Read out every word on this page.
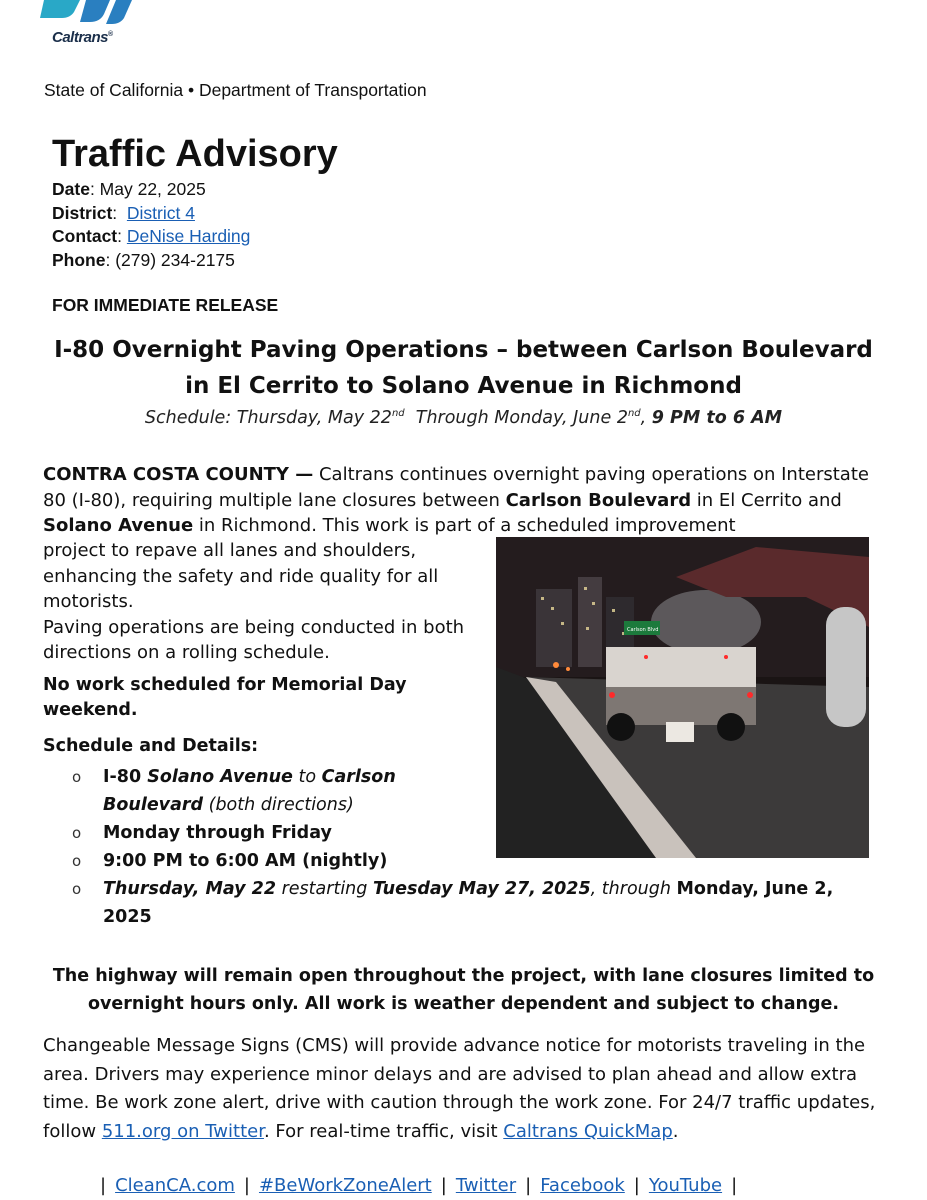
Caltrans®
State of California • Department of Transportation
Traffic Advisory
Date: May 22, 2025
District:  District 4
Contact: DeNise Harding
Phone: (279) 234-2175
FOR IMMEDIATE RELEASE
I-80 Overnight Paving Operations – between Carlson Boulevard
in El Cerrito to Solano Avenue in Richmond
Schedule: Thursday, May 22nd  Through Monday, June 2nd, 9 PM to 6 AM
CONTRA COSTA COUNTY — Caltrans continues overnight paving operations on Interstate 80 (I-80), requiring multiple lane closures between Carlson Boulevard in El Cerrito and Solano Avenue in Richmond. This work is part of a scheduled improvement
project to repave all lanes and shoulders, enhancing the safety and ride quality for all motorists.
Paving operations are being conducted in both directions on a rolling schedule.
No work scheduled for Memorial Day weekend.
Schedule and Details:
o I-80 Solano Avenue to Carlson Boulevard (both directions)
o Monday through Friday
o 9:00 PM to 6:00 AM (nightly)
o Thursday, May 22 restarting Tuesday May 27, 2025, through Monday, June 2, 2025
Carlson Blvd
The highway will remain open throughout the project, with lane closures limited to overnight hours only. All work is weather dependent and subject to change.
Changeable Message Signs (CMS) will provide advance notice for motorists traveling in the area. Drivers may experience minor delays and are advised to plan ahead and allow extra time. Be work zone alert, drive with caution through the work zone. For 24/7 traffic updates, follow 511.org on Twitter. For real-time traffic, visit Caltrans QuickMap.
| CleanCA.com | #BeWorkZoneAlert | Twitter | Facebook | YouTube |
